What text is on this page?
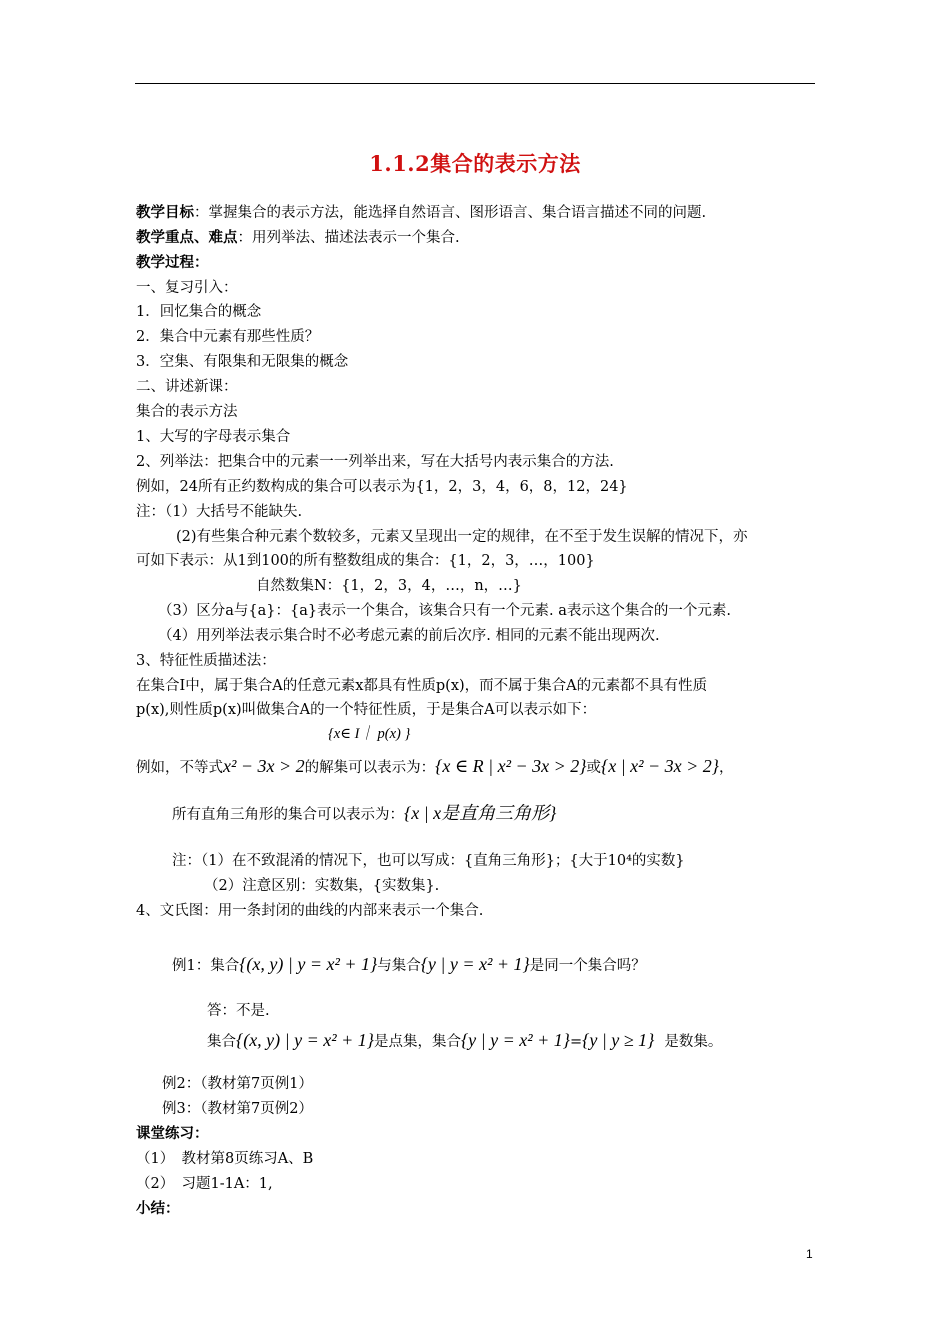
1.1.2集合的表示方法
教学目标：掌握集合的表示方法，能选择自然语言、图形语言、集合语言描述不同的问题.
教学重点、难点：用列举法、描述法表示一个集合.
教学过程：
一、复习引入：
1．回忆集合的概念
2．集合中元素有那些性质？
3．空集、有限集和无限集的概念
二、讲述新课：
集合的表示方法
1、大写的字母表示集合
2、列举法：把集合中的元素一一列举出来，写在大括号内表示集合的方法.
例如，24所有正约数构成的集合可以表示为{1，2，3，4，6，8，12，24}
注：（1）大括号不能缺失.
(2)有些集合种元素个数较多，元素又呈现出一定的规律，在不至于发生误解的情况下，亦
可如下表示：从1到100的所有整数组成的集合：{1，2，3，…，100}
自然数集N：{1，2，3，4，…，n，…}
（3）区分a与{a}：{a}表示一个集合，该集合只有一个元素. a表示这个集合的一个元素.
（4）用列举法表示集合时不必考虑元素的前后次序. 相同的元素不能出现两次.
3、特征性质描述法：
在集合I中，属于集合A的任意元素x都具有性质p(x)，而不属于集合A的元素都不具有性质
p(x),则性质p(x)叫做集合A的一个特征性质，于是集合A可以表示如下：
{x∈ I｜ p(x) }
例如，不等式x² − 3x > 2的解集可以表示为：{x ∈ R | x² − 3x > 2}或{x | x² − 3x > 2}，
所有直角三角形的集合可以表示为：{x | x是直角三角形}
注：（1）在不致混淆的情况下，也可以写成：{直角三角形}；{大于10⁴的实数}
（2）注意区别：实数集，{实数集}.
4、文氏图：用一条封闭的曲线的内部来表示一个集合.
例1：集合{(x, y) | y = x² + 1}与集合{y | y = x² + 1}是同一个集合吗？
答：不是.
集合{(x, y) | y = x² + 1}是点集，集合{y | y = x² + 1}={y | y ≥ 1} 是数集。
例2：（教材第7页例1）
例3：（教材第7页例2）
课堂练习：
（1）　教材第8页练习A、B
（2）　习题1-1A：1,
小结：
1
